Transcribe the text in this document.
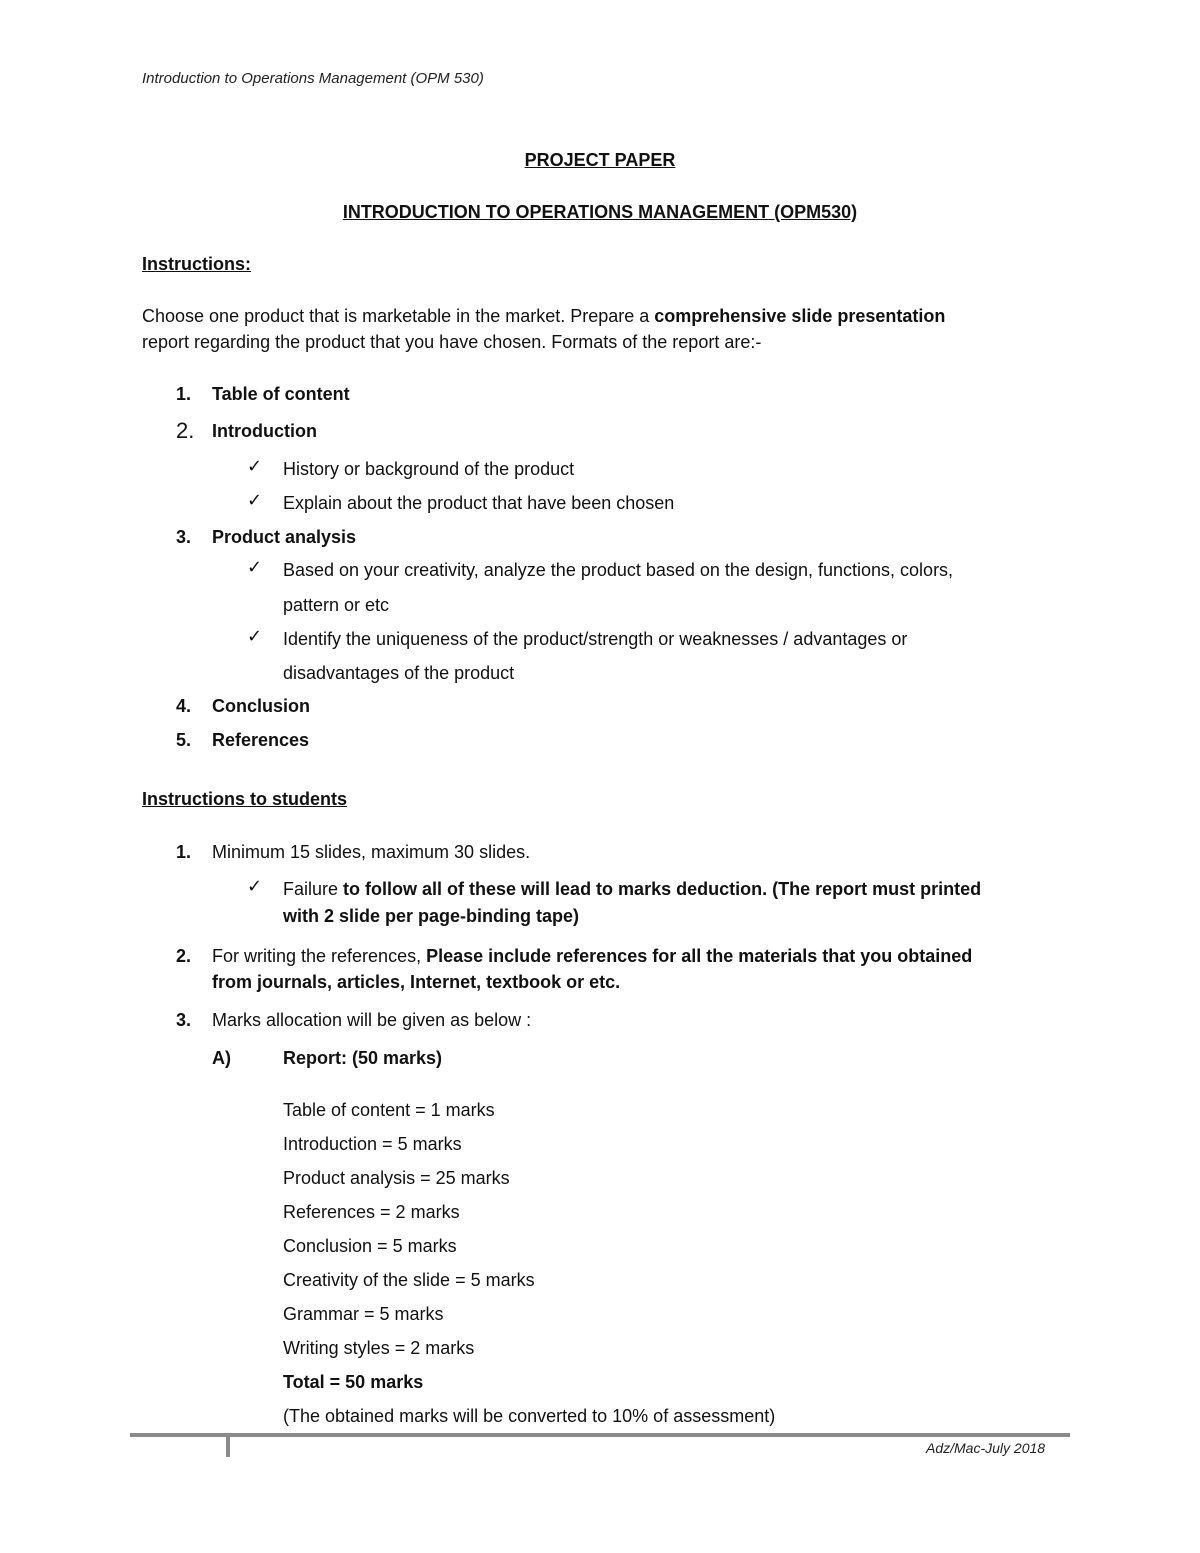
Introduction to Operations Management (OPM 530)
PROJECT PAPER
INTRODUCTION TO OPERATIONS MANAGEMENT (OPM530)
Instructions:
Choose one product that is marketable in the market. Prepare a comprehensive slide presentation
report regarding the product that you have chosen. Formats of the report are:-
1. Table of content
2. Introduction
✓ History or background of the product
✓ Explain about the product that have been chosen
3. Product analysis
✓ Based on your creativity, analyze the product based on the design, functions, colors,
pattern or etc
✓ Identify the uniqueness of the product/strength or weaknesses / advantages or
disadvantages of the product
4. Conclusion
5. References
Instructions to students
1. Minimum 15 slides, maximum 30 slides.
✓ Failure to follow all of these will lead to marks deduction. (The report must printed
with 2 slide per page-binding tape)
2. For writing the references, Please include references for all the materials that you obtained
from journals, articles, Internet, textbook or etc.
3. Marks allocation will be given as below :
A)	Report: (50 marks)
Table of content = 1 marks
Introduction = 5 marks
Product analysis = 25 marks
References = 2 marks
Conclusion = 5 marks
Creativity of the slide = 5 marks
Grammar = 5 marks
Writing styles = 2 marks
Total = 50 marks
(The obtained marks will be converted to 10% of assessment)
Adz/Mac-July 2018
